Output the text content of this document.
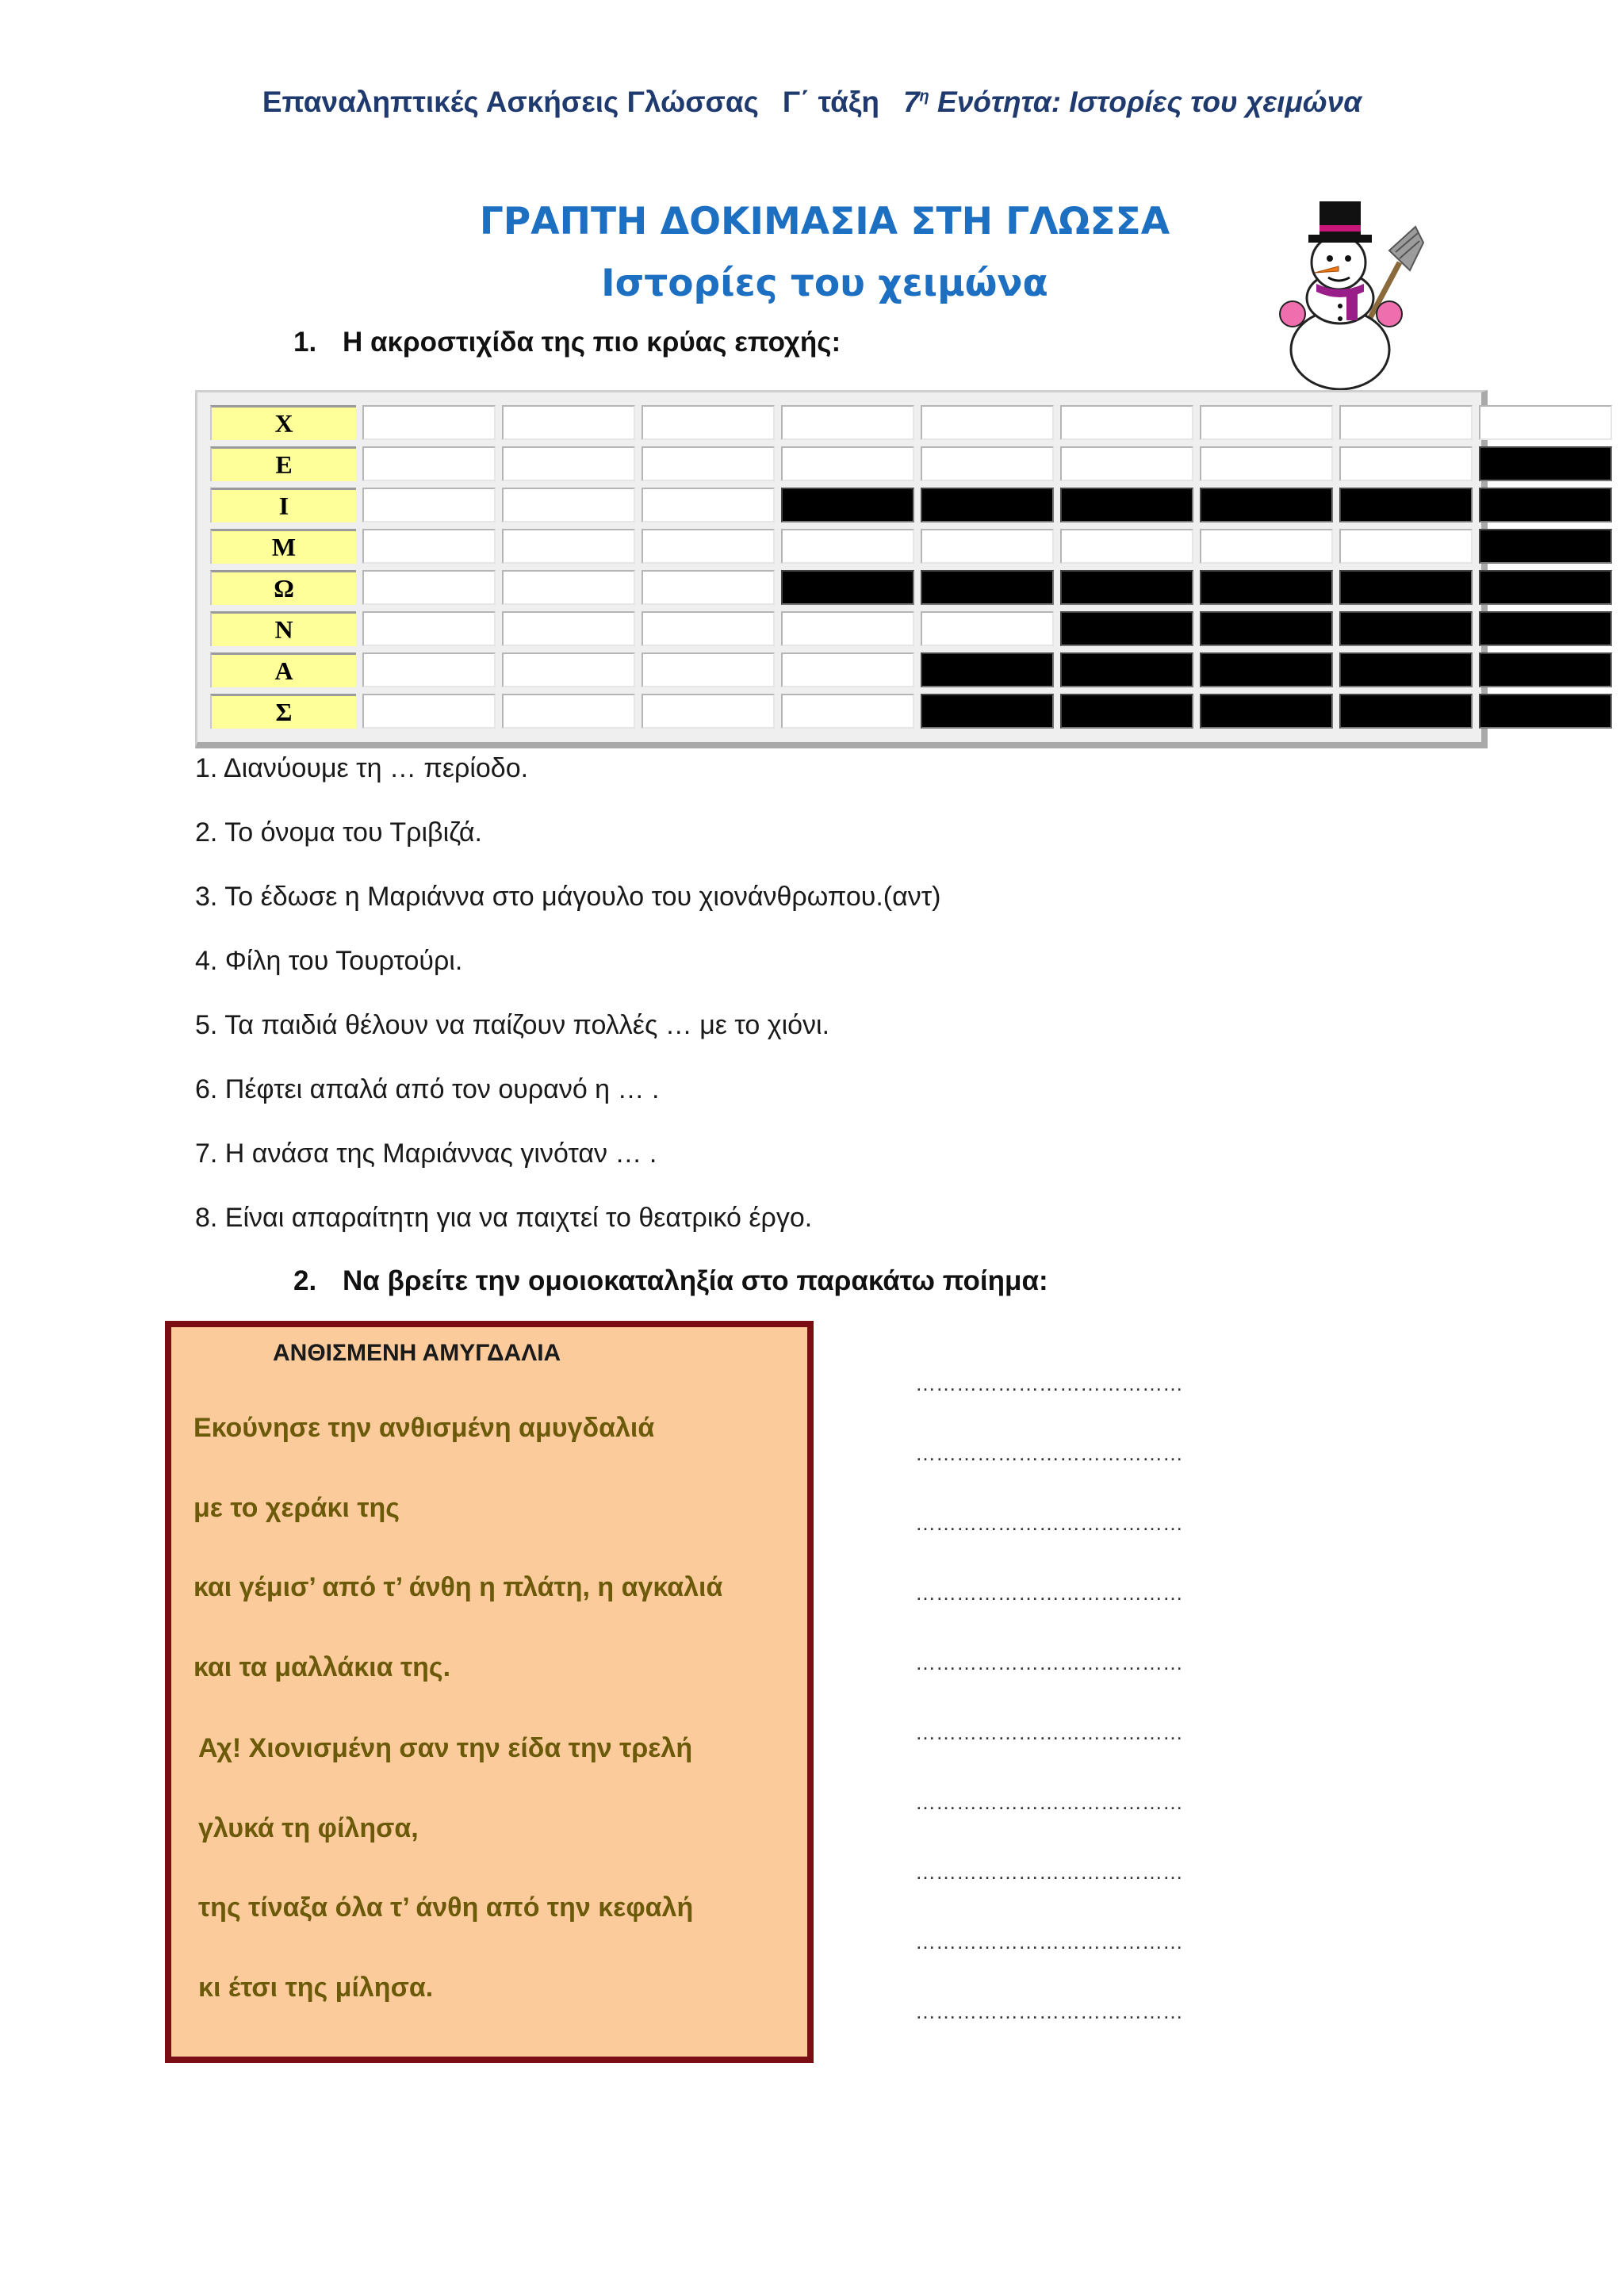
Επαναληπτικές Ασκήσεις Γλώσσας Γ΄ τάξη $7^\eta$ Ενότητα: Ιστορίες του χειμώνα
ΓΡΑΠΤΗ ΔΟΚΙΜΑΣΙΑ ΣΤΗ ΓΛΩΣΣΑ
Ιστορίες του χειμώνα
1. Η ακροστιχίδα της πιο κρύας εποχής:
Χ
Ε
Ι
Μ
Ω
Ν
Α
Σ
1. Διανύουμε τη … περίοδο.
2. Το όνομα του Τριβιζά.
3. Το έδωσε η Μαριάννα στο μάγουλο του χιονάνθρωπου.(αντ)
4. Φίλη του Τουρτούρι.
5. Τα παιδιά θέλουν να παίζουν πολλές … με το χιόνι.
6. Πέφτει απαλά από τον ουρανό η … .
7. Η ανάσα της Μαριάννας γινόταν … .
8. Είναι απαραίτητη για να παιχτεί το θεατρικό έργο.
2. Να βρείτε την ομοιοκαταληξία στο παρακάτω ποίημα:
ΑΝΘΙΣΜΕΝΗ ΑΜΥΓΔΑΛΙΑ
Εκούνησε την ανθισμένη αμυγδαλιά
με το χεράκι της
και γέμισ’ από τ’ άνθη η πλάτη, η αγκαλιά
και τα μαλλάκια της.
Αχ! Χιονισμένη σαν την είδα την τρελή
γλυκά τη φίλησα,
της τίναξα όλα τ’ άνθη από την κεφαλή
κι έτσι της μίλησα.
…………………………………
…………………………………
…………………………………
…………………………………
…………………………………
…………………………………
…………………………………
…………………………………
…………………………………
…………………………………
